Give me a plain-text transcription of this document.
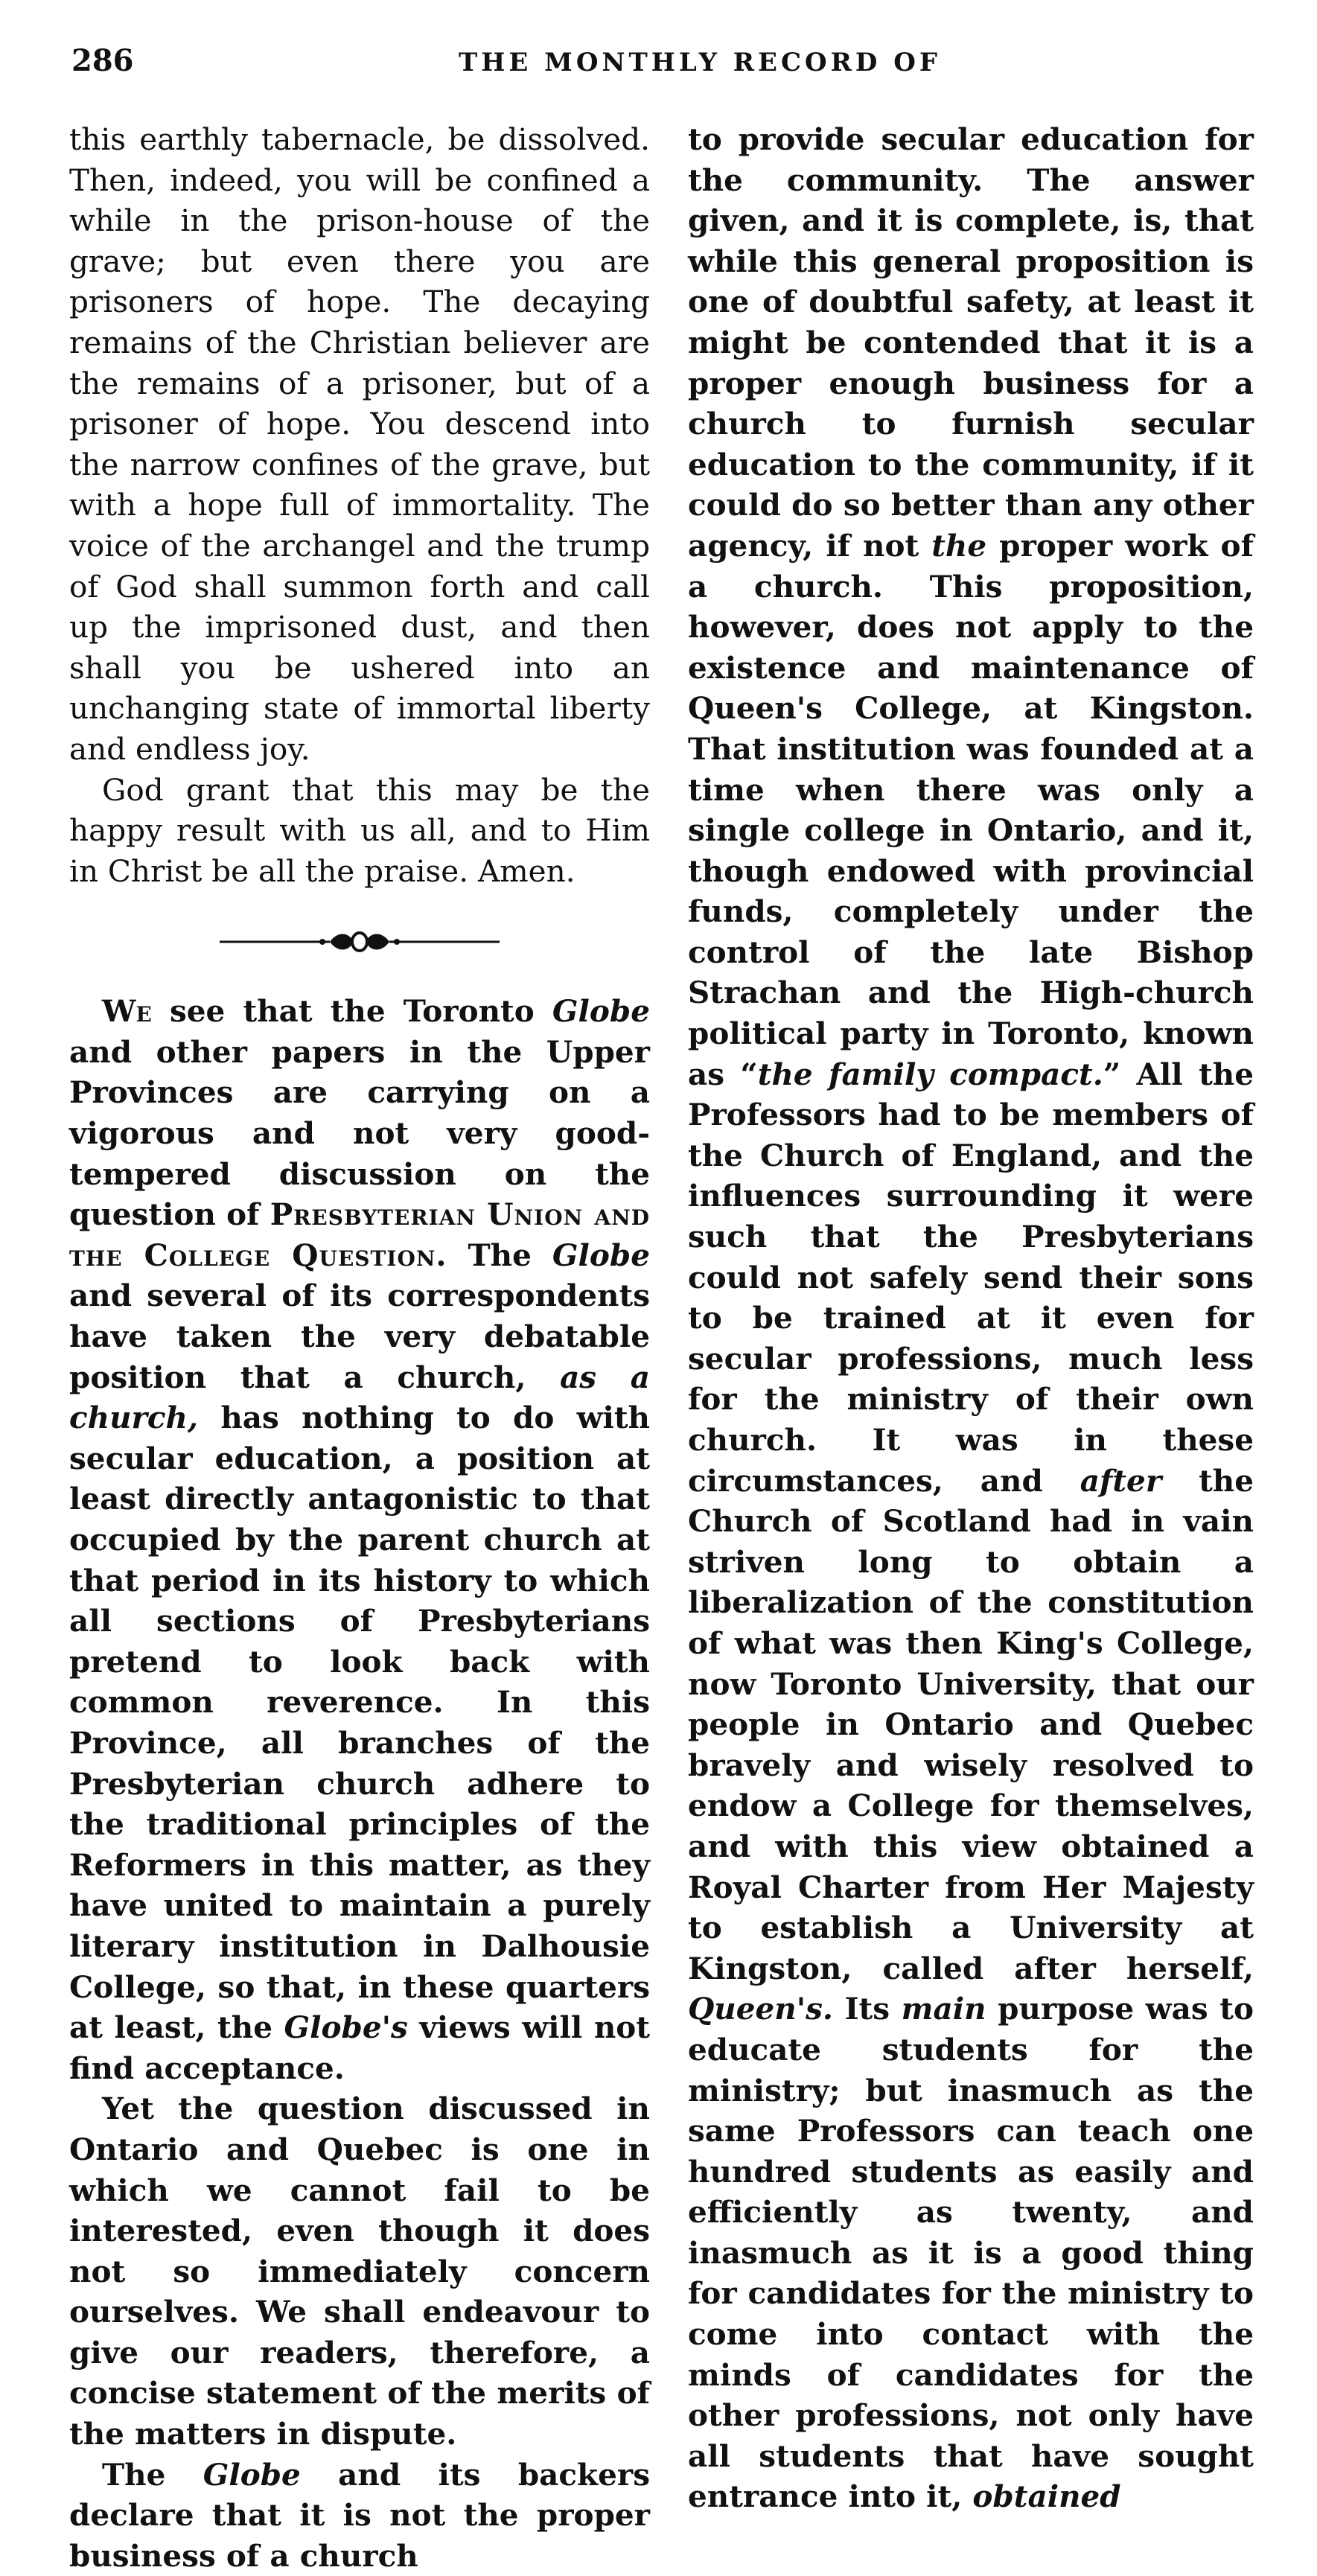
286	THE MONTHLY RECORD OF

this earthly tabernacle, be dissolved. Then, indeed, you will be confined a while in the prison-house of the grave; but even there you are prisoners of hope. The decaying remains of the Christian believer are the remains of a prisoner, but of a prisoner of hope. You descend into the narrow confines of the grave, but with a hope full of immortality. The voice of the archangel and the trump of God shall summon forth and call up the imprisoned dust, and then shall you be ushered into an unchanging state of immortal liberty and endless joy.

God grant that this may be the happy result with us all, and to Him in Christ be all the praise. Amen.

We see that the Toronto Globe and other papers in the Upper Provinces are carrying on a vigorous and not very good-tempered discussion on the question of Presbyterian Union and the College Question. The Globe and several of its correspondents have taken the very debatable position that a church, as a church, has nothing to do with secular education, a position at least directly antagonistic to that occupied by the parent church at that period in its history to which all sections of Presbyterians pretend to look back with common reverence. In this Province, all branches of the Presbyterian church adhere to the traditional principles of the Reformers in this matter, as they have united to maintain a purely literary institution in Dalhousie College, so that, in these quarters at least, the Globe's views will not find acceptance.

Yet the question discussed in Ontario and Quebec is one in which we cannot fail to be interested, even though it does not so immediately concern ourselves. We shall endeavour to give our readers, therefore, a concise statement of the merits of the matters in dispute.

The Globe and its backers declare that it is not the proper business of a church

to provide secular education for the community. The answer given, and it is complete, is, that while this general proposition is one of doubtful safety, at least it might be contended that it is a proper enough business for a church to furnish secular education to the community, if it could do so better than any other agency, if not the proper work of a church. This proposition, however, does not apply to the existence and maintenance of Queen's College, at Kingston. That institution was founded at a time when there was only a single college in Ontario, and it, though endowed with provincial funds, completely under the control of the late Bishop Strachan and the High-church political party in Toronto, known as “the family compact.” All the Professors had to be members of the Church of England, and the influences surrounding it were such that the Presbyterians could not safely send their sons to be trained at it even for secular professions, much less for the ministry of their own church. It was in these circumstances, and after the Church of Scotland had in vain striven long to obtain a liberalization of the constitution of what was then King's College, now Toronto University, that our people in Ontario and Quebec bravely and wisely resolved to endow a College for themselves, and with this view obtained a Royal Charter from Her Majesty to establish a University at Kingston, called after herself, Queen's. Its main purpose was to educate students for the ministry; but inasmuch as the same Professors can teach one hundred students as easily and efficiently as twenty, and inasmuch as it is a good thing for candidates for the ministry to come into contact with the minds of candidates for the other professions, not only have all students that have sought entrance into it, obtained
